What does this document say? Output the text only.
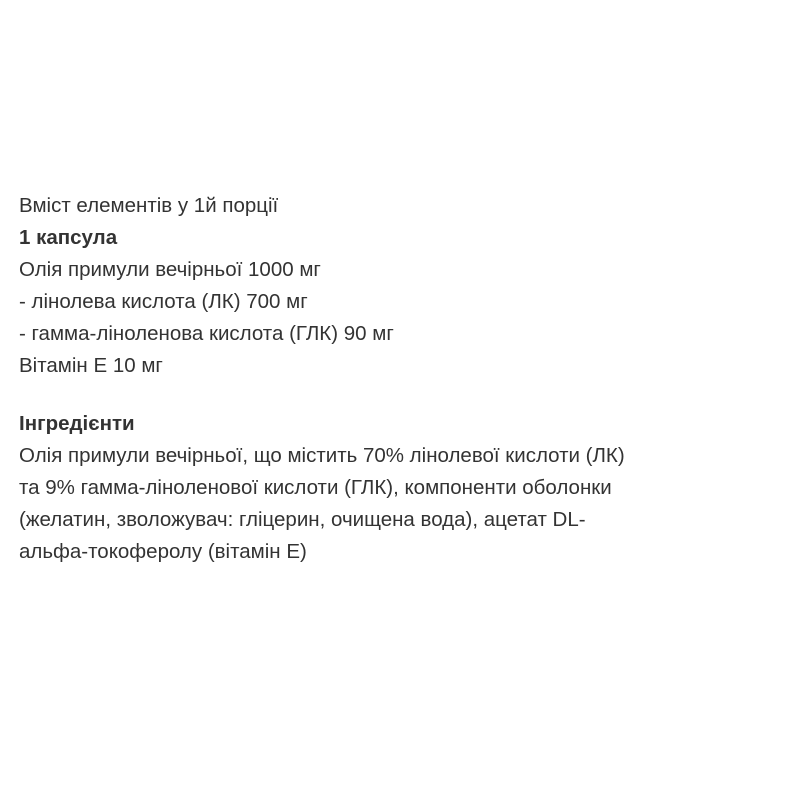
Вміст елементів у 1й порції
1 капсула
Олія примули вечірньої 1000 мг
- лінолева кислота (ЛК) 700 мг
- гамма-ліноленова кислота (ГЛК) 90 мг
Вітамін Е 10 мг
Інгредієнти
Олія примули вечірньої, що містить 70% лінолевої кислоти (ЛК)
та 9% гамма-ліноленової кислоти (ГЛК), компоненти оболонки
(желатин, зволожувач: гліцерин, очищена вода), ацетат DL-
альфа-токоферолу (вітамін Е)
